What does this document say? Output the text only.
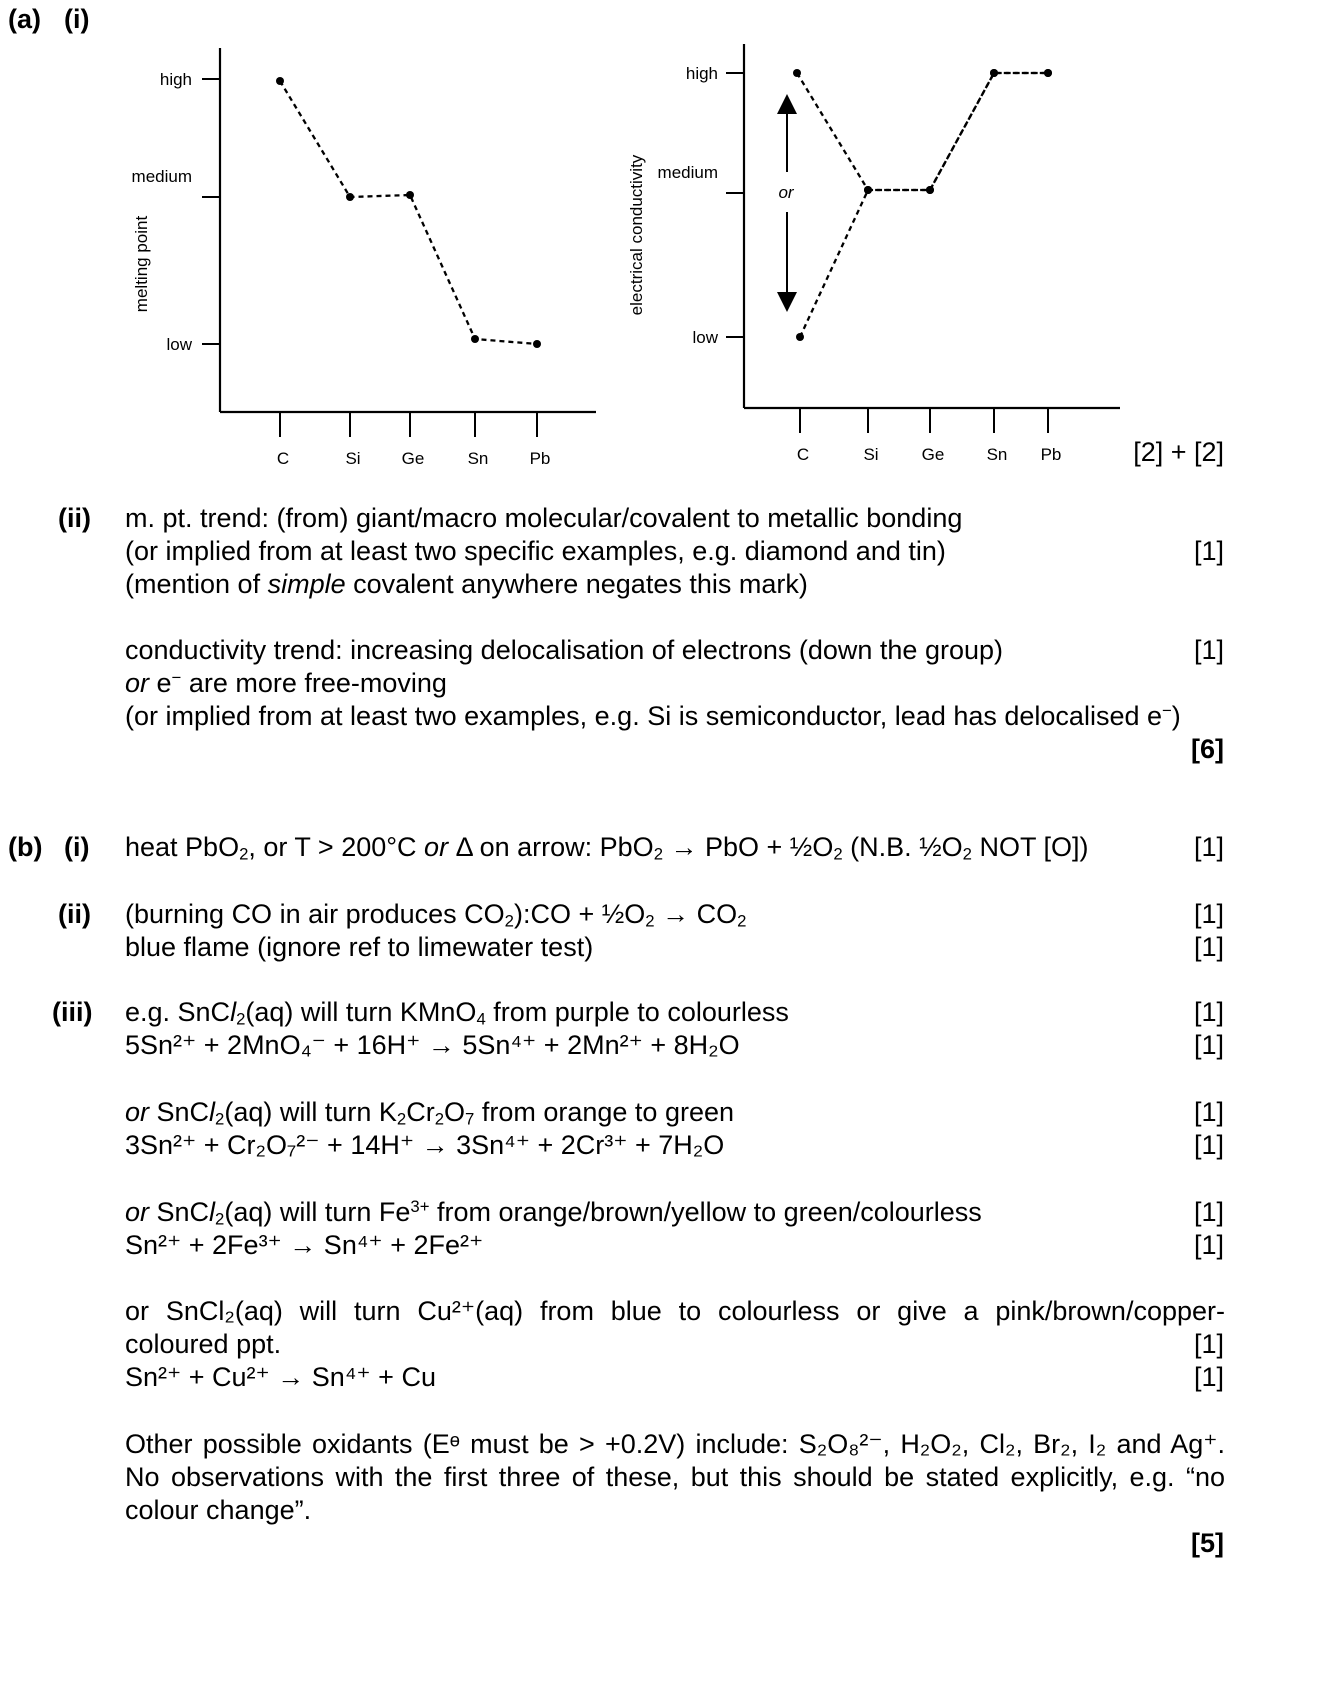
(a) (i)
high
medium
low
C	Si Ge	Sn Pb
melting point
high
medium
low
C	Si	Ge Sn Pb
electrical conductivity	or
[2] + [2]
(ii) m. pt. trend: (from) giant/macro molecular/covalent to metallic bonding
(or implied from at least two specific examples, e.g. diamond and tin)	[1]
(mention of simple covalent anywhere negates this mark)
conductivity trend: increasing delocalisation of electrons (down the group)	[1]
or e− are more free-moving
(or implied from at least two examples, e.g. Si is semiconductor, lead has delocalised e−)
[6]
(b) (i) heat PbO$_2$, or T > 200°C or Δ on arrow: PbO$_2$ → PbO + $\frac{1}{2}O_2$ (N.B. $\frac{1}{2}O_2$ NOT [O])	[1]
(ii) (burning CO in air produces $CO_2):CO$ + $\frac{1}{2}O_2 \to CO_2$	[1]
blue flame (ignore ref to limewater test)	[1]
(iii) e.g. SnCl$_2$(aq) will turn KMnO$_4$ from purple to colourless	[1]
5Sn²⁺ + 2MnO₄⁻ + 16H⁺ → 5Sn⁴⁺ + 2Mn²⁺ + 8H₂O	[1]
or SnCl$_2$(aq) will turn $K_2Cr_2O_7$ from orange to green	[1]
3Sn²⁺ + Cr₂O₇²⁻ + 14H⁺ → 3Sn⁴⁺ + 2Cr³⁺ + 7H₂O	[1]
or SnCl$_2$(aq) will turn $Fe^{3+}$ from orange/brown/yellow to green/colourless	[1]
Sn²⁺ + 2Fe³⁺ → Sn⁴⁺ + 2Fe²⁺	[1]
or SnCl₂(aq) will turn Cu²⁺(aq) from blue to colourless or give a pink/brown/copper-
coloured ppt.	[1]
Sn²⁺ + Cu²⁺ → Sn⁴⁺ + Cu	[1]
Other possible oxidants (Eᶱ must be > +0.2V) include: S₂O₈²⁻, H₂O₂, Cl₂, Br₂, I₂ and Ag⁺.
No observations with the first three of these, but this should be stated explicitly, e.g. “no
colour change”.
[5]
